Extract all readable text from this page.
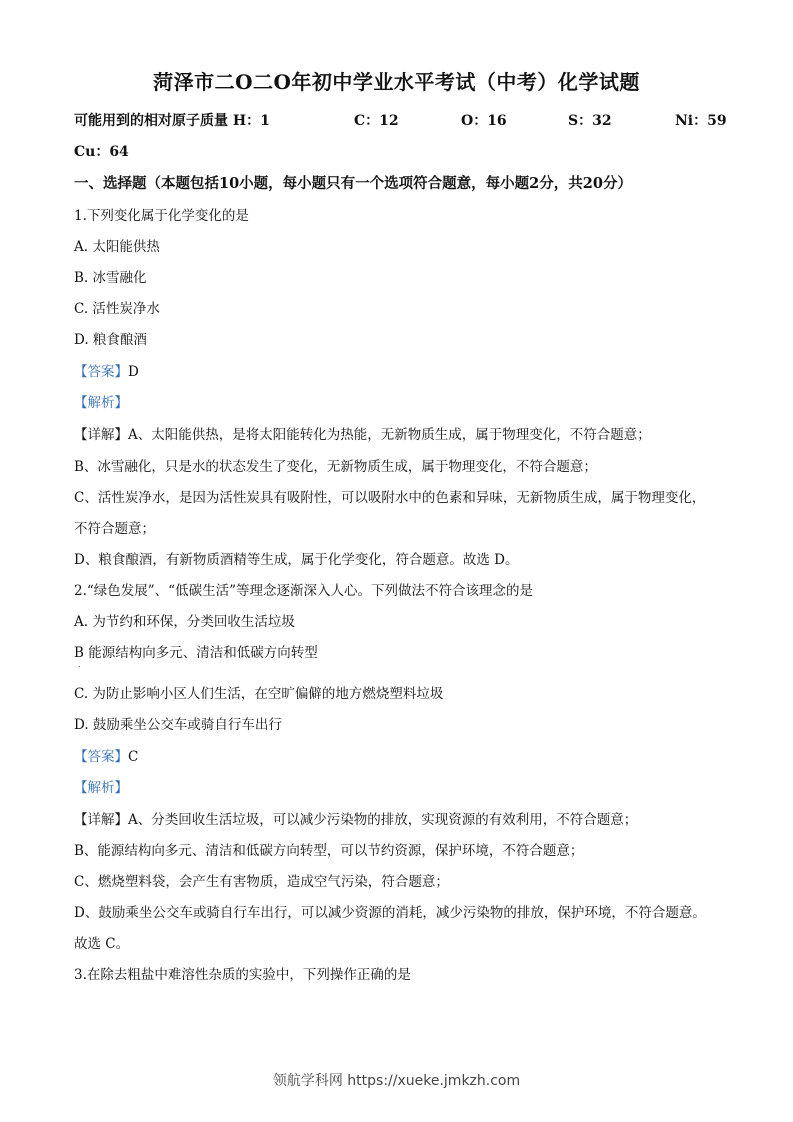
菏泽市二O二O年初中学业水平考试（中考）化学试题
可能用到的相对原子质量 H：1	C：12	O：16	S：32	Ni：59
Cu：64
一、选择题（本题包括10小题，每小题只有一个选项符合题意，每小题2分，共20分）
1.下列变化属于化学变化的是
A. 太阳能供热
B. 冰雪融化
C. 活性炭净水
D. 粮食酿酒
【答案】D
【解析】
【详解】A、太阳能供热，是将太阳能转化为热能，无新物质生成，属于物理变化，不符合题意；
B、冰雪融化，只是水的状态发生了变化，无新物质生成，属于物理变化，不符合题意；
C、活性炭净水，是因为活性炭具有吸附性，可以吸附水中的色素和异味，无新物质生成，属于物理变化，
不符合题意；
D、粮食酿酒，有新物质酒精等生成，属于化学变化，符合题意。故选 D。
2.“绿色发展”、“低碳生活”等理念逐渐深入人心。下列做法不符合该理念的是
A. 为节约和环保，分类回收生活垃圾
B 能源结构向多元、清洁和低碳方向转型
.
C. 为防止影响小区人们生活，在空旷偏僻的地方燃烧塑料垃圾
D. 鼓励乘坐公交车或骑自行车出行
【答案】C
【解析】
【详解】A、分类回收生活垃圾，可以减少污染物的排放，实现资源的有效利用，不符合题意；
B、能源结构向多元、清洁和低碳方向转型，可以节约资源，保护环境，不符合题意；
C、燃烧塑料袋，会产生有害物质，造成空气污染，符合题意；
D、鼓励乘坐公交车或骑自行车出行，可以减少资源的消耗，减少污染物的排放，保护环境，不符合题意。
故选 C。
3.在除去粗盐中难溶性杂质的实验中，下列操作正确的是
领航学科网 https://xueke.jmkzh.com
